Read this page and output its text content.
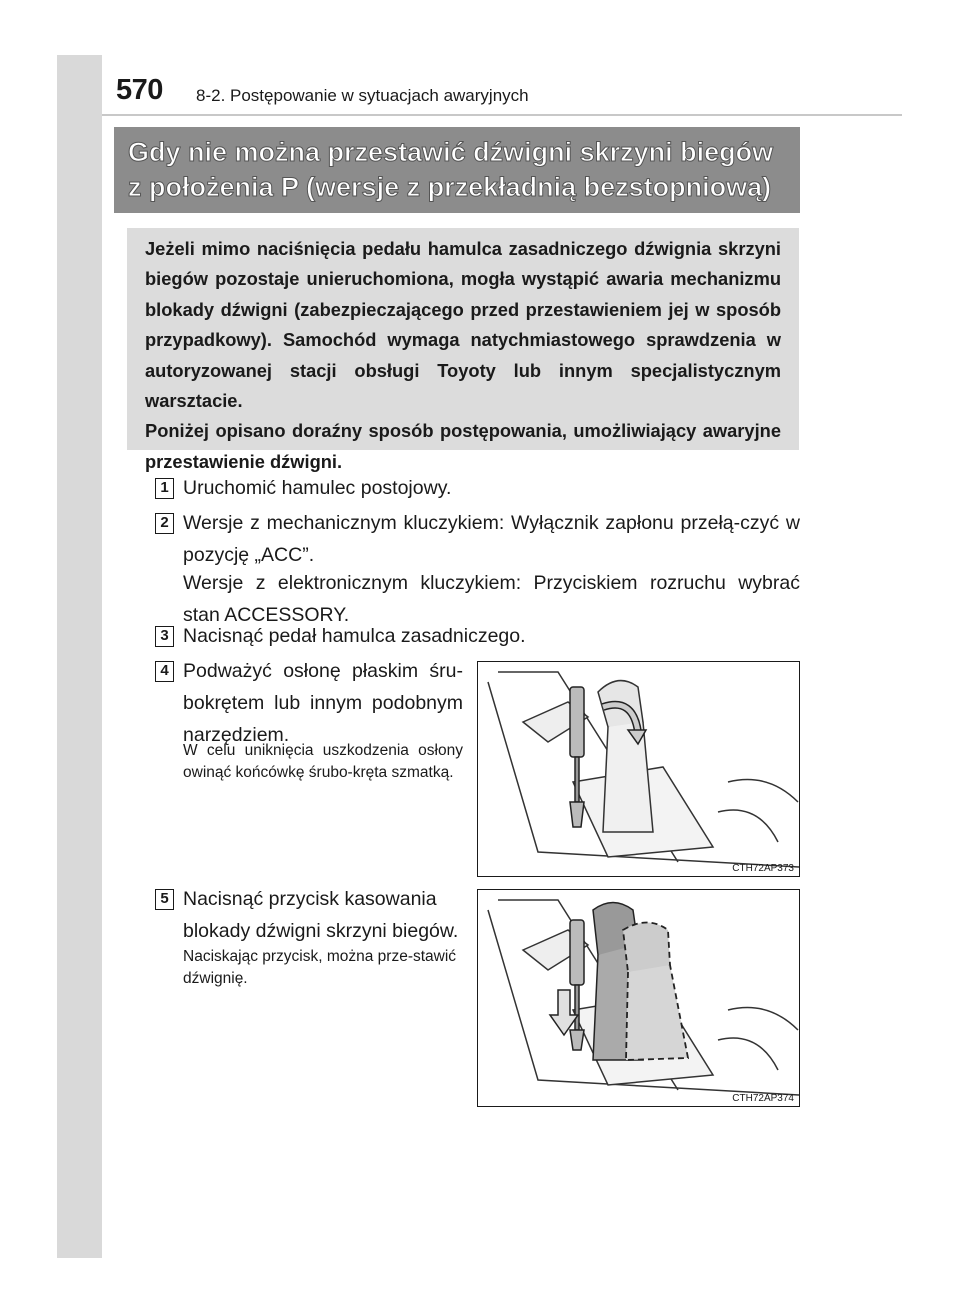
570 8-2. Postępowanie w sytuacjach awaryjnych
Gdy nie można przestawić dźwigni skrzyni biegów
z położenia P (wersje z przekładnią bezstopniową)
Jeżeli mimo naciśnięcia pedału hamulca zasadniczego dźwignia skrzyni biegów pozostaje unieruchomiona, mogła wystąpić awaria mechanizmu blokady dźwigni (zabezpieczającego przed przestawieniem jej w sposób przypadkowy). Samochód wymaga natychmiastowego sprawdzenia w autoryzowanej stacji obsługi Toyoty lub innym specjalistycznym warsztacie.
Poniżej opisano doraźny sposób postępowania, umożliwiający awaryjne przestawienie dźwigni.
1 Uruchomić hamulec postojowy.
2 Wersje z mechanicznym kluczykiem: Wyłącznik zapłonu przełą-czyć w pozycję „ACC”.
Wersje z elektronicznym kluczykiem: Przyciskiem rozruchu wybrać stan ACCESSORY.
3 Nacisnąć pedał hamulca zasadniczego.
4 Podważyć osłonę płaskim śru-bokrętem lub innym podobnym narzędziem.
W celu uniknięcia uszkodzenia osłony owinąć końcówkę śrubo-kręta szmatką.
CTH72AP373
5 Nacisnąć przycisk kasowania blokady dźwigni skrzyni biegów.
Naciskając przycisk, można prze-stawić dźwignię.
CTH72AP374
